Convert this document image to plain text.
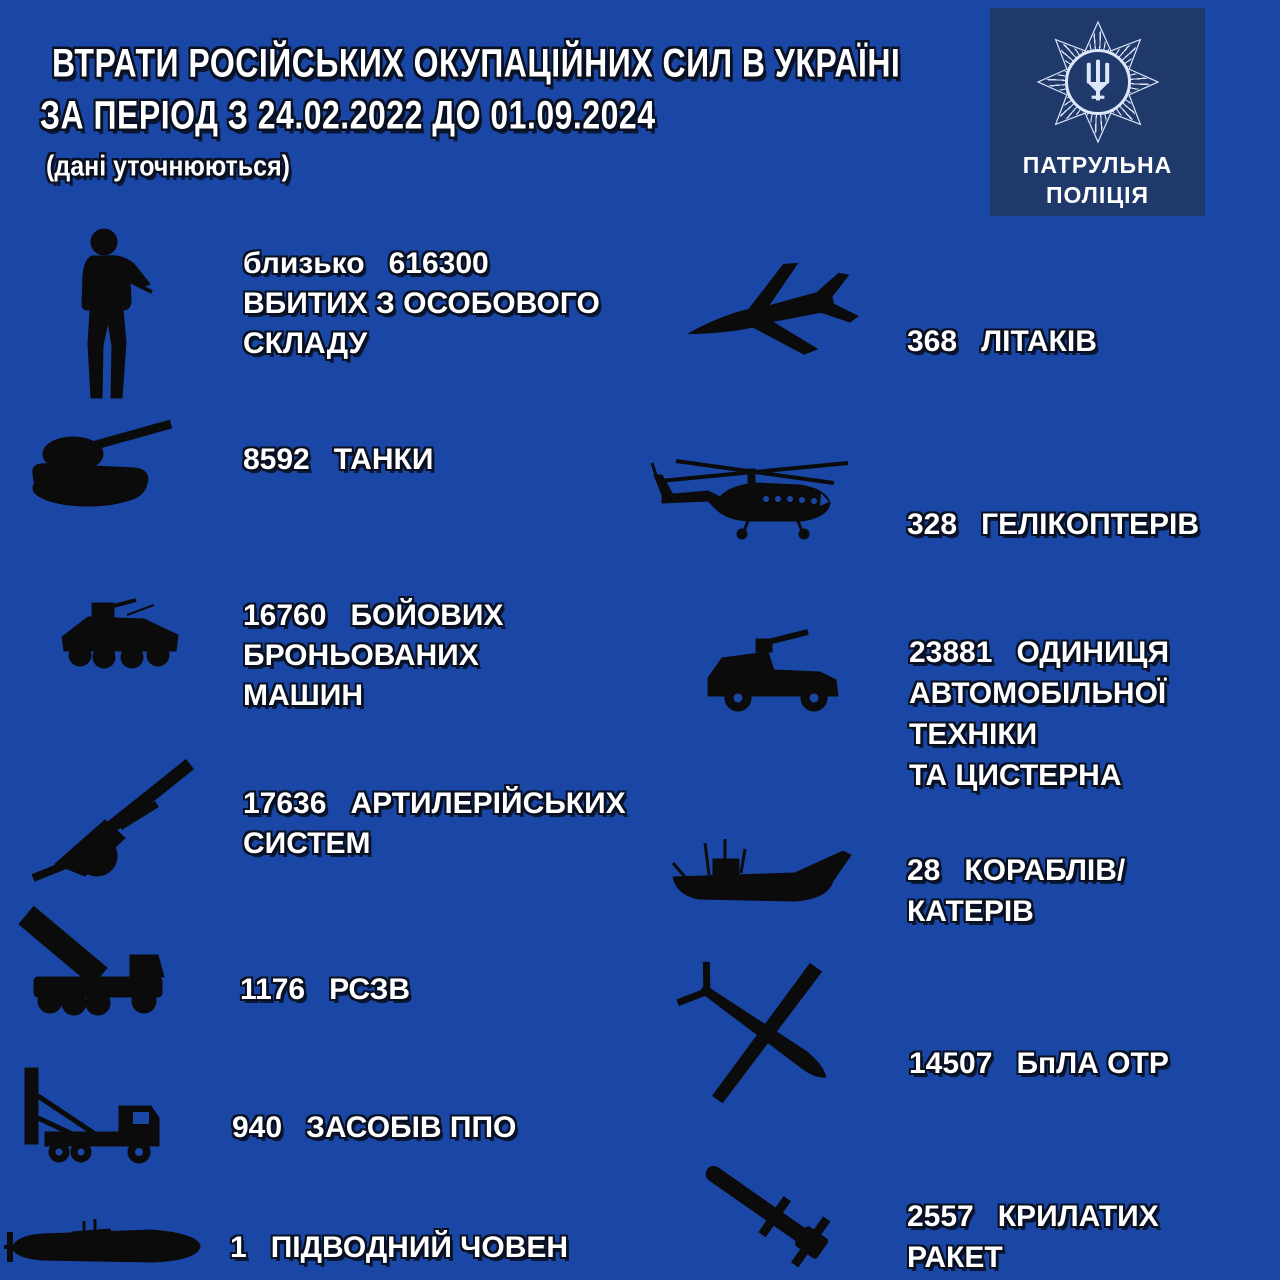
ВТРАТИ РОСІЙСЬКИХ ОКУПАЦІЙНИХ СИЛ В УКРАЇНІ
ЗА ПЕРІОД З 24.02.2022 ДО 01.09.2024
(дані уточнюються)	ПАТРУЛЬНА
ПОЛІЦІЯ
близько 616300
ВБИТИХ З ОСОБОВОГО
СКЛАДУ
8592 ТАНКИ
16760 БОЙОВИХ
БРОНЬОВАНИХ
МАШИН
17636 АРТИЛЕРІЙСЬКИХ
СИСТЕМ
1176 РСЗВ
940 ЗАСОБІВ ППО
1 ПІДВОДНИЙ ЧОВЕН
368 ЛІТАКІВ
328 ГЕЛІКОПТЕРІВ
23881 ОДИНИЦЯ
АВТОМОБІЛЬНОЇ
ТЕХНІКИ
ТА ЦИСТЕРНА
28 КОРАБЛІВ/
КАТЕРІВ
14507 БпЛА ОТР
2557 КРИЛАТИХ
РАКЕТ
